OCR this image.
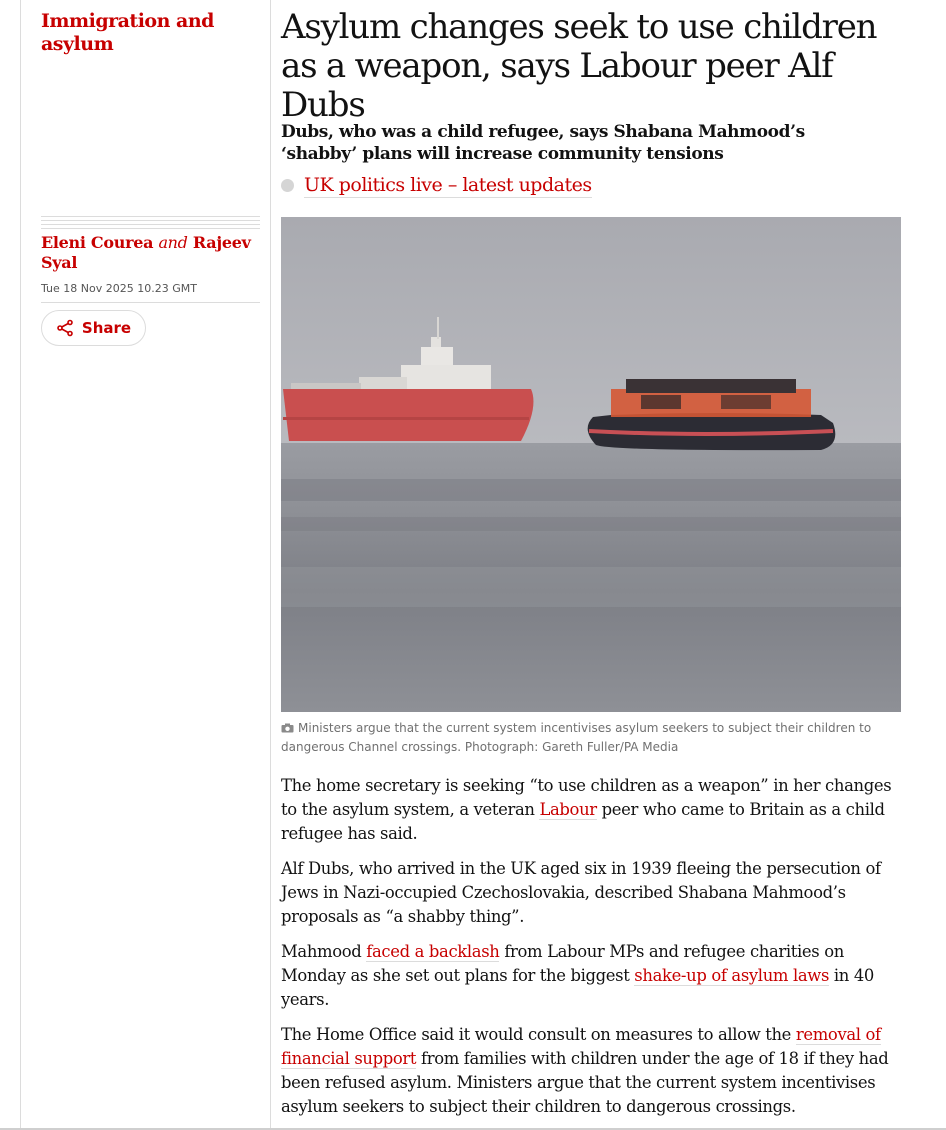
Immigration and asylum
Eleni Courea and Rajeev Syal
Tue 18 Nov 2025 10.23 GMT
Share
Asylum changes seek to use children as a weapon, says Labour peer Alf Dubs
Dubs, who was a child refugee, says Shabana Mahmood’s ‘shabby’ plans will increase community tensions
UK politics live – latest updates
Ministers argue that the current system incentivises asylum seekers to subject their children to dangerous Channel crossings. Photograph: Gareth Fuller/PA Media

The home secretary is seeking “to use children as a weapon” in her changes to the asylum system, a veteran Labour peer who came to Britain as a child refugee has said.

Alf Dubs, who arrived in the UK aged six in 1939 fleeing the persecution of Jews in Nazi-occupied Czechoslovakia, described Shabana Mahmood’s proposals as “a shabby thing”.

Mahmood faced a backlash from Labour MPs and refugee charities on Monday as she set out plans for the biggest shake-up of asylum laws in 40 years.

The Home Office said it would consult on measures to allow the removal of financial support from families with children under the age of 18 if they had been refused asylum. Ministers argue that the current system incentivises asylum seekers to subject their children to dangerous crossings.
